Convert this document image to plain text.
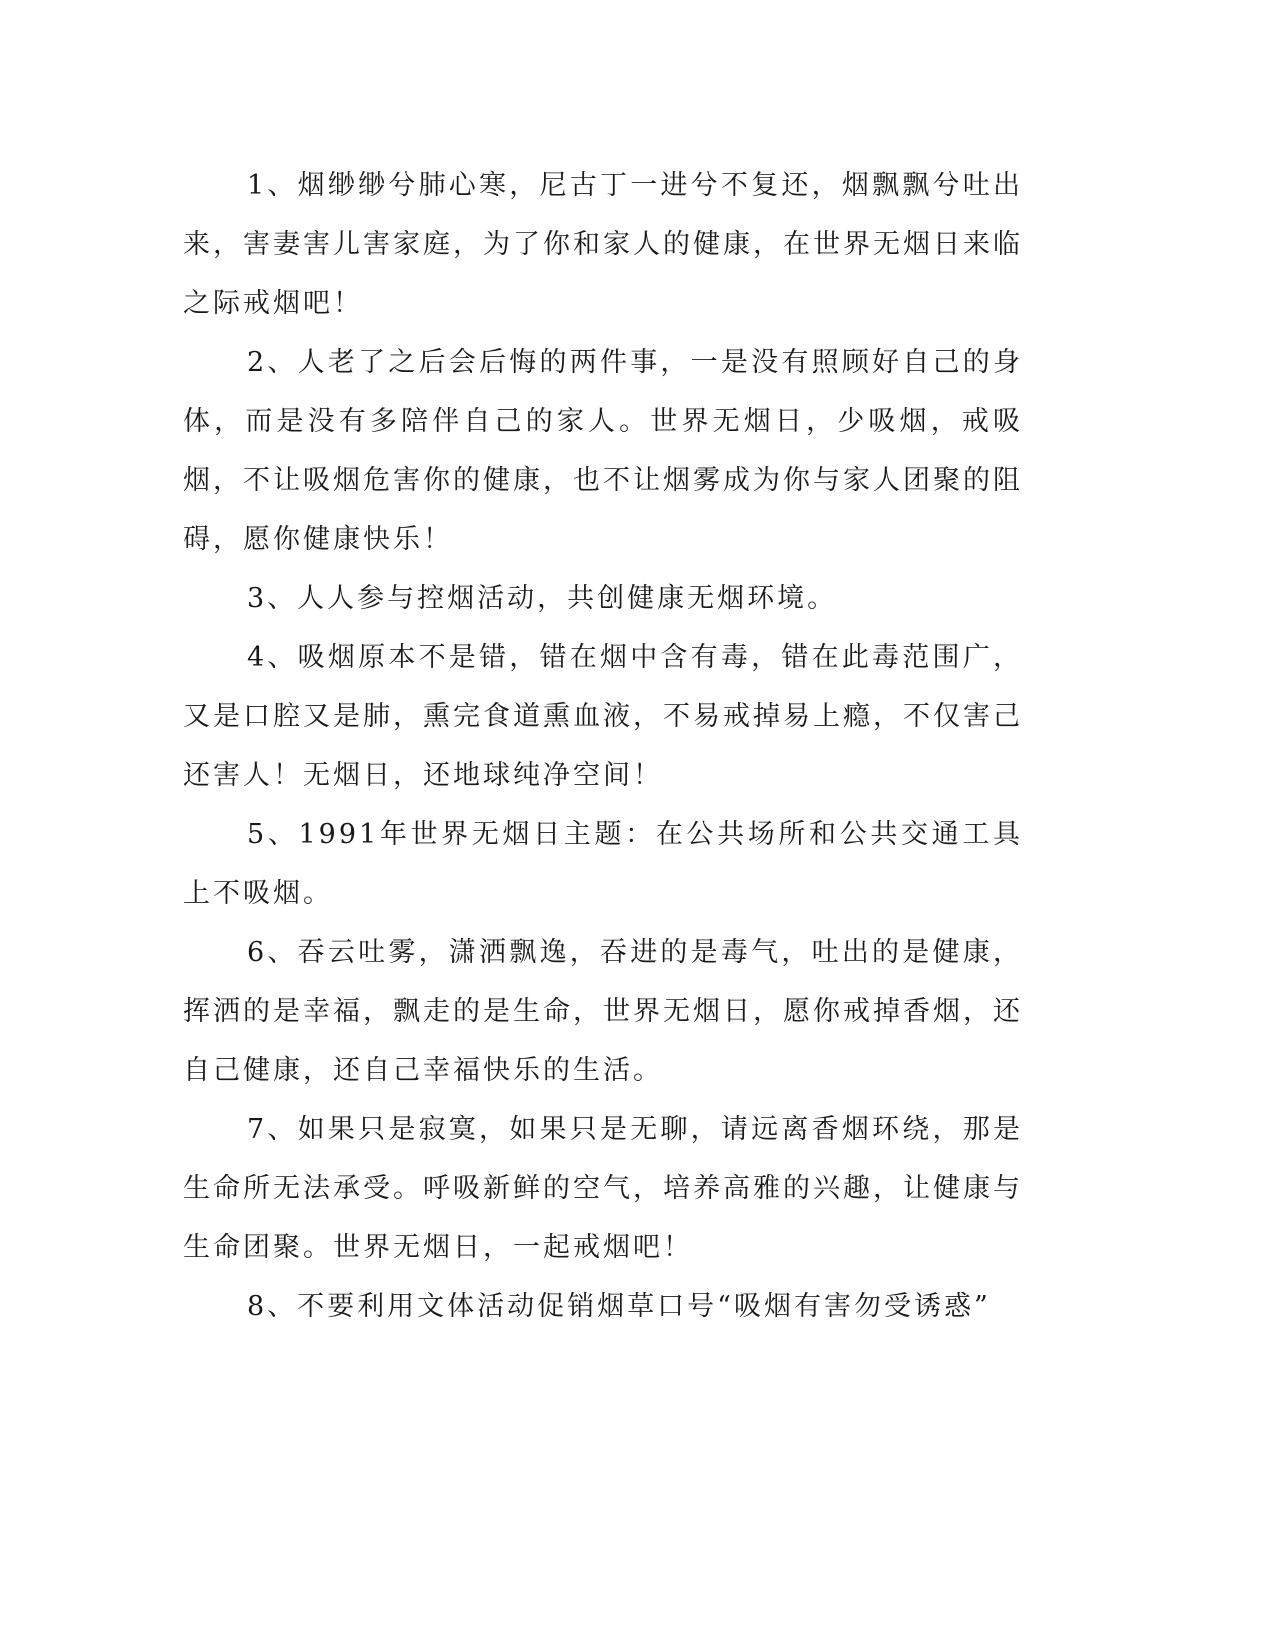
1、烟缈缈兮肺心寒，尼古丁一进兮不复还，烟飘飘兮吐出来，害妻害儿害家庭，为了你和家人的健康，在世界无烟日来临之际戒烟吧！

2、人老了之后会后悔的两件事，一是没有照顾好自己的身体，而是没有多陪伴自己的家人。世界无烟日，少吸烟，戒吸烟，不让吸烟危害你的健康，也不让烟雾成为你与家人团聚的阻碍，愿你健康快乐！

3、人人参与控烟活动，共创健康无烟环境。

4、吸烟原本不是错，错在烟中含有毒，错在此毒范围广，又是口腔又是肺，熏完食道熏血液，不易戒掉易上瘾，不仅害己还害人！无烟日，还地球纯净空间！

5、1991年世界无烟日主题：在公共场所和公共交通工具上不吸烟。

6、吞云吐雾，潇洒飘逸，吞进的是毒气，吐出的是健康，挥洒的是幸福，飘走的是生命，世界无烟日，愿你戒掉香烟，还自己健康，还自己幸福快乐的生活。

7、如果只是寂寞，如果只是无聊，请远离香烟环绕，那是生命所无法承受。呼吸新鲜的空气，培养高雅的兴趣，让健康与生命团聚。世界无烟日，一起戒烟吧！

8、不要利用文体活动促销烟草口号“吸烟有害勿受诱惑”
